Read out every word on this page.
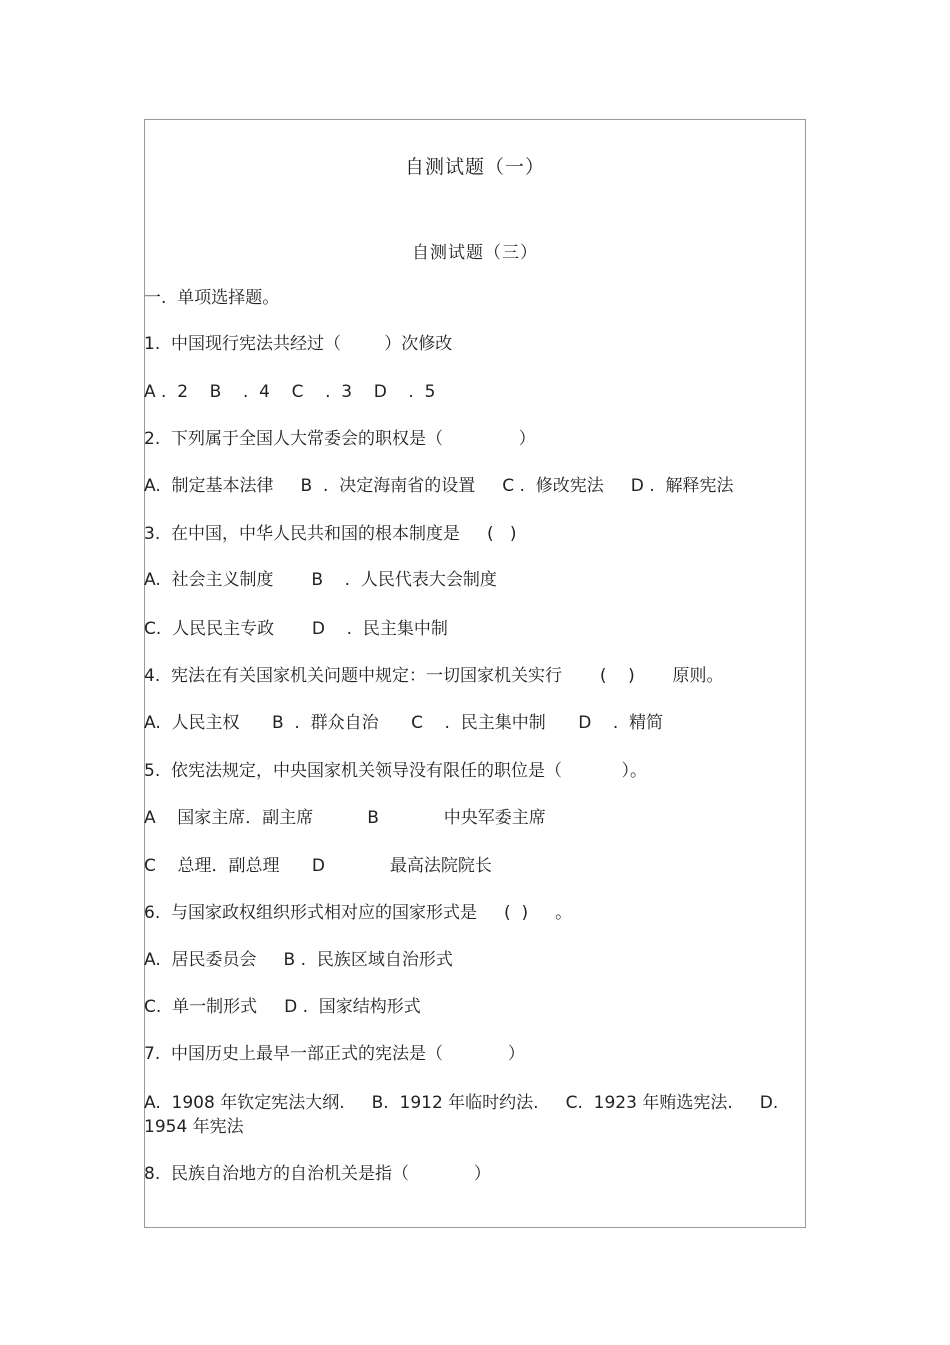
自测试题（一）
自测试题（三）
一.  单项选择题。
1.  中国现行宪法共经过（        ）次修改
A .  2    B    .  4    C    .  3    D    .  5
2.  下列属于全国人大常委会的职权是（              ）
A.  制定基本法律     B  .  决定海南省的设置     C .  修改宪法     D .  解释宪法
3.  在中国，中华人民共和国的根本制度是     (   )
A.  社会主义制度       B    .  人民代表大会制度
C.  人民民主专政       D    .  民主集中制
4.  宪法在有关国家机关问题中规定：一切国家机关实行       (    )       原则。
A.  人民主权      B  .  群众自治      C    .  民主集中制      D    .  精简
5.  依宪法规定，中央国家机关领导没有限任的职位是（           ）。
A    国家主席．副主席          B            中央军委主席
C    总理．副总理      D            最高法院院长
6.  与国家政权组织形式相对应的国家形式是     (  )     。
A.  居民委员会     B .  民族区域自治形式
C.  单一制形式     D .  国家结构形式
7.  中国历史上最早一部正式的宪法是（            ）
A.  1908 年钦定宪法大纲.     B.  1912 年临时约法.     C.  1923 年贿选宪法.     D.  1954 年宪法
8.  民族自治地方的自治机关是指（            ）
